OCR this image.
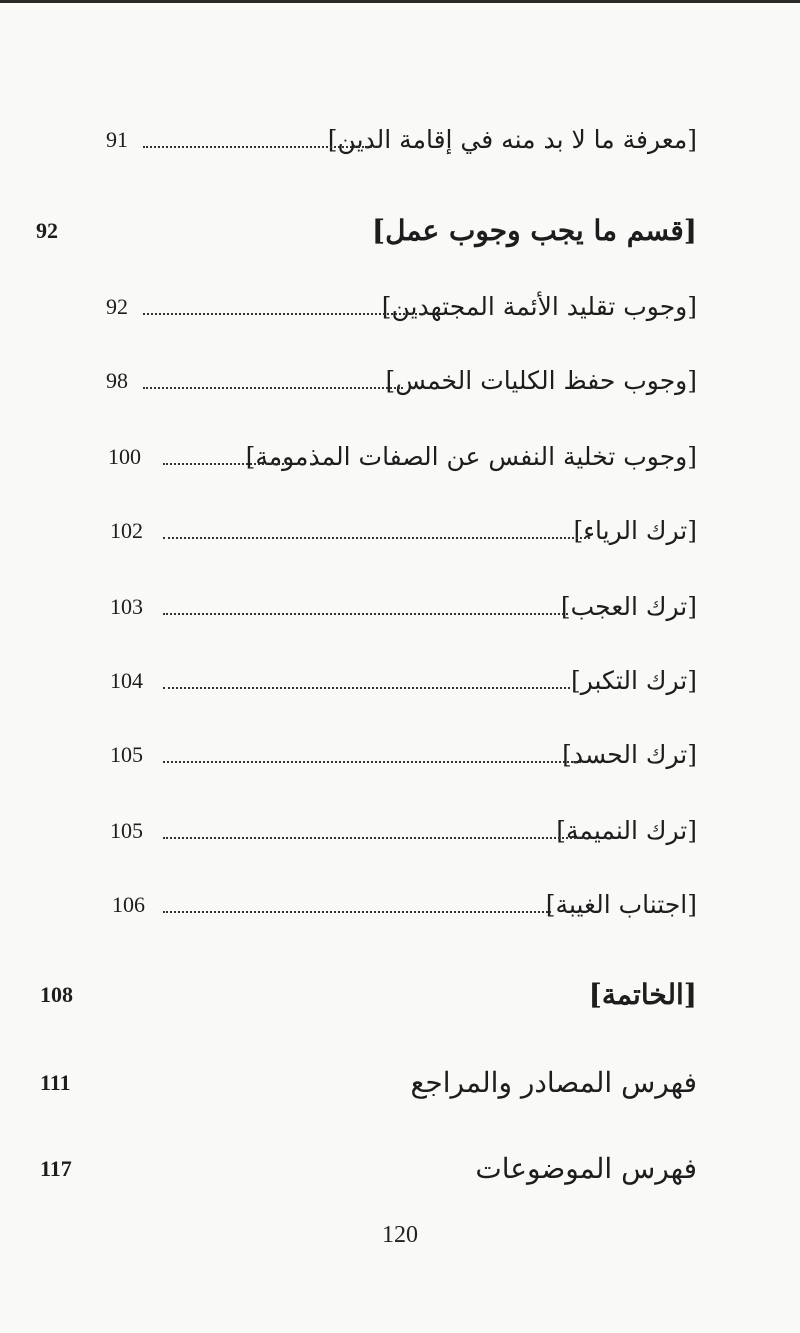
[معرفة ما لا بد منه في إقامة الدين]
91
[قسم ما يجب وجوب عمل]
92
[وجوب تقليد الأئمة المجتهدين]
92
[وجوب حفظ الكليات الخمس]
98
[وجوب تخلية النفس عن الصفات المذمومة]
100
[ترك الرياء]
102
[ترك العجب]
103
[ترك التكبر]
104
[ترك الحسد]
105
[ترك النميمة]
105
[اجتناب الغيبة]
106
[الخاتمة]
108
فهرس المصادر والمراجع
111
فهرس الموضوعات
117
120
